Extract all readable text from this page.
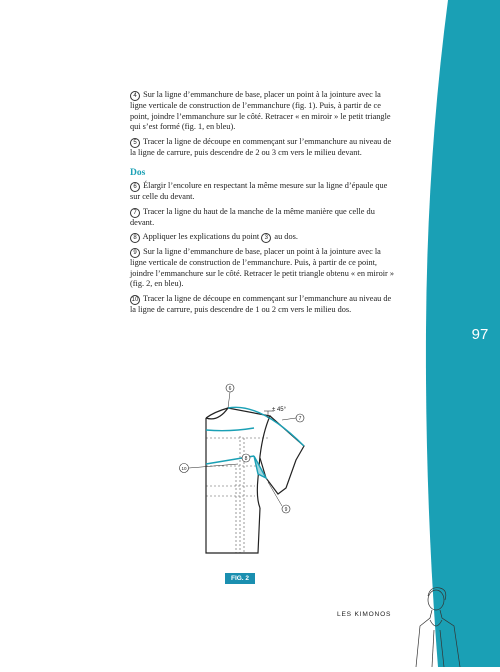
97

4 Sur la ligne d’emmanchure de base, placer un point à la jointure avec la ligne verticale de construction de l’emmanchure (fig. 1). Puis, à partir de ce point, joindre l’emmanchure sur le côté. Retracer « en miroir » le petit triangle qui s’est formé (fig. 1, en bleu).

5 Tracer la ligne de découpe en commençant sur l’emmanchure au niveau de la ligne de carrure, puis descendre de 2 ou 3 cm vers le milieu devant.

Dos

6 Élargir l’encolure en respectant la même mesure sur la ligne d’épaule que sur celle du devant.

7 Tracer la ligne du haut de la manche de la même manière que celle du devant.

8 Appliquer les explications du point 3 au dos.

9 Sur la ligne d’emmanchure de base, placer un point à la jointure avec la ligne verticale de construction de l’emmanchure. Puis, à partir de ce point, joindre l’emmanchure sur le côté. Retracer le petit triangle obtenu « en miroir » (fig. 2, en bleu).

10 Tracer la ligne de découpe en commençant sur l’emmanchure au niveau de la ligne de carrure, puis descendre de 1 ou 2 cm vers le milieu dos.

± 45°
6
7
8
9
10
FIG. 2
LES KIMONOS
